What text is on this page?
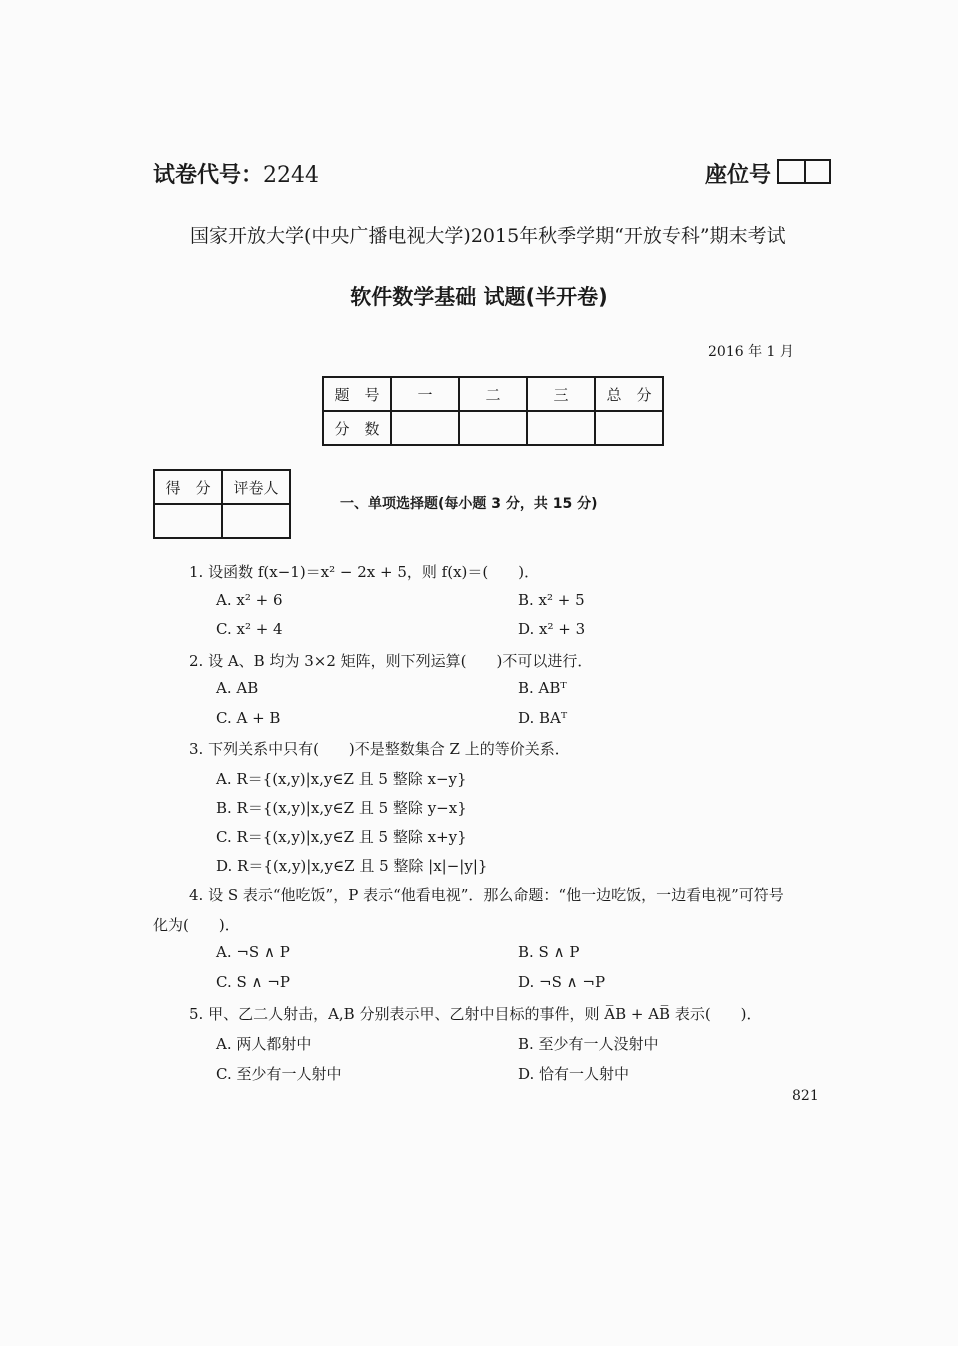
试卷代号：2244	座位号
国家开放大学(中央广播电视大学)2015年秋季学期“开放专科”期末考试
软件数学基础 试题(半开卷)
2016 年 1 月
题　号	一	二	三	总　分
分　数				
得　分	评卷人

一、单项选择题(每小题 3 分，共 15 分)
1. 设函数 f(x−1)＝x² − 2x + 5，则 f(x)＝(　　)．
A. x² + 6	B. x² + 5
C. x² + 4	D. x² + 3
2. 设 A、B 均为 3×2 矩阵，则下列运算(　　)不可以进行．
A. AB	B. ABᵀ
C. A + B	D. BAᵀ
3. 下列关系中只有(　　)不是整数集合 Z 上的等价关系．
A. R＝{(x,y)|x,y∈Z 且 5 整除 x−y}
B. R＝{(x,y)|x,y∈Z 且 5 整除 y−x}
C. R＝{(x,y)|x,y∈Z 且 5 整除 x+y}
D. R＝{(x,y)|x,y∈Z 且 5 整除 |x|−|y|}
4. 设 S 表示“他吃饭”，P 表示“他看电视”．那么命题：“他一边吃饭，一边看电视”可符号
化为(　　)．
A. ¬S ∧ P	B. S ∧ P
C. S ∧ ¬P	D. ¬S ∧ ¬P
5. 甲、乙二人射击，A,B 分别表示甲、乙射中目标的事件，则 A̅B + AB̅ 表示(　　)．
A. 两人都射中	B. 至少有一人没射中
C. 至少有一人射中	D. 恰有一人射中
821
